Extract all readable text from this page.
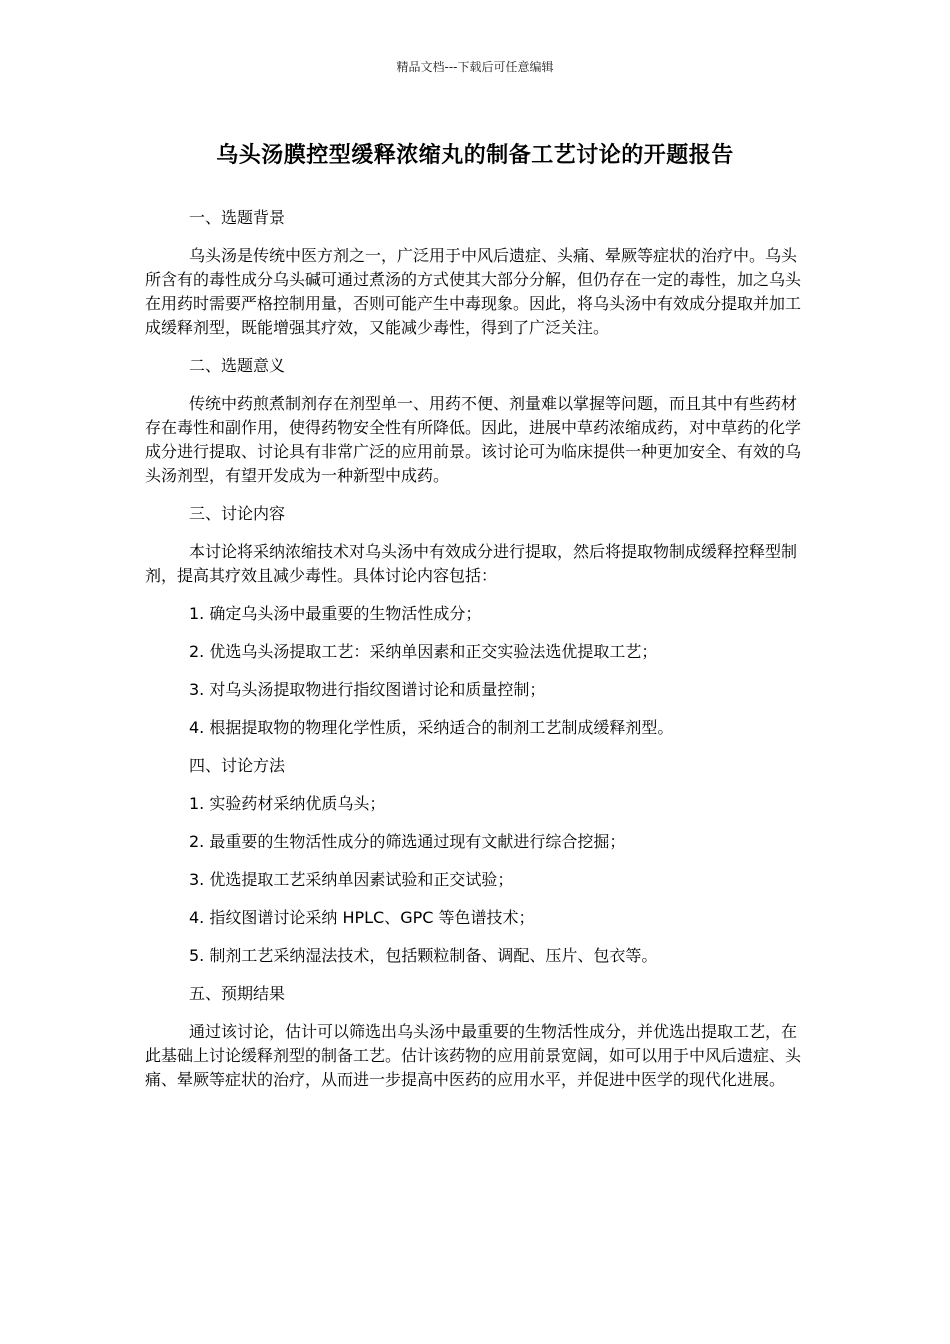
精品文档---下载后可任意编辑
乌头汤膜控型缓释浓缩丸的制备工艺讨论的开题报告
一、选题背景
乌头汤是传统中医方剂之一，广泛用于中风后遗症、头痛、晕厥等症状的治疗中。乌头所含有的毒性成分乌头碱可通过煮汤的方式使其大部分分解，但仍存在一定的毒性，加之乌头在用药时需要严格控制用量，否则可能产生中毒现象。因此，将乌头汤中有效成分提取并加工成缓释剂型，既能增强其疗效，又能减少毒性，得到了广泛关注。
二、选题意义
传统中药煎煮制剂存在剂型单一、用药不便、剂量难以掌握等问题，而且其中有些药材存在毒性和副作用，使得药物安全性有所降低。因此，进展中草药浓缩成药，对中草药的化学成分进行提取、讨论具有非常广泛的应用前景。该讨论可为临床提供一种更加安全、有效的乌头汤剂型，有望开发成为一种新型中成药。
三、讨论内容
本讨论将采纳浓缩技术对乌头汤中有效成分进行提取，然后将提取物制成缓释控释型制剂，提高其疗效且减少毒性。具体讨论内容包括：
1. 确定乌头汤中最重要的生物活性成分；
2. 优选乌头汤提取工艺：采纳单因素和正交实验法选优提取工艺；
3. 对乌头汤提取物进行指纹图谱讨论和质量控制；
4. 根据提取物的物理化学性质，采纳适合的制剂工艺制成缓释剂型。
四、讨论方法
1. 实验药材采纳优质乌头；
2. 最重要的生物活性成分的筛选通过现有文献进行综合挖掘；
3. 优选提取工艺采纳单因素试验和正交试验；
4. 指纹图谱讨论采纳 HPLC、GPC 等色谱技术；
5. 制剂工艺采纳湿法技术，包括颗粒制备、调配、压片、包衣等。
五、预期结果
通过该讨论，估计可以筛选出乌头汤中最重要的生物活性成分，并优选出提取工艺，在此基础上讨论缓释剂型的制备工艺。估计该药物的应用前景宽阔，如可以用于中风后遗症、头痛、晕厥等症状的治疗，从而进一步提高中医药的应用水平，并促进中医学的现代化进展。
